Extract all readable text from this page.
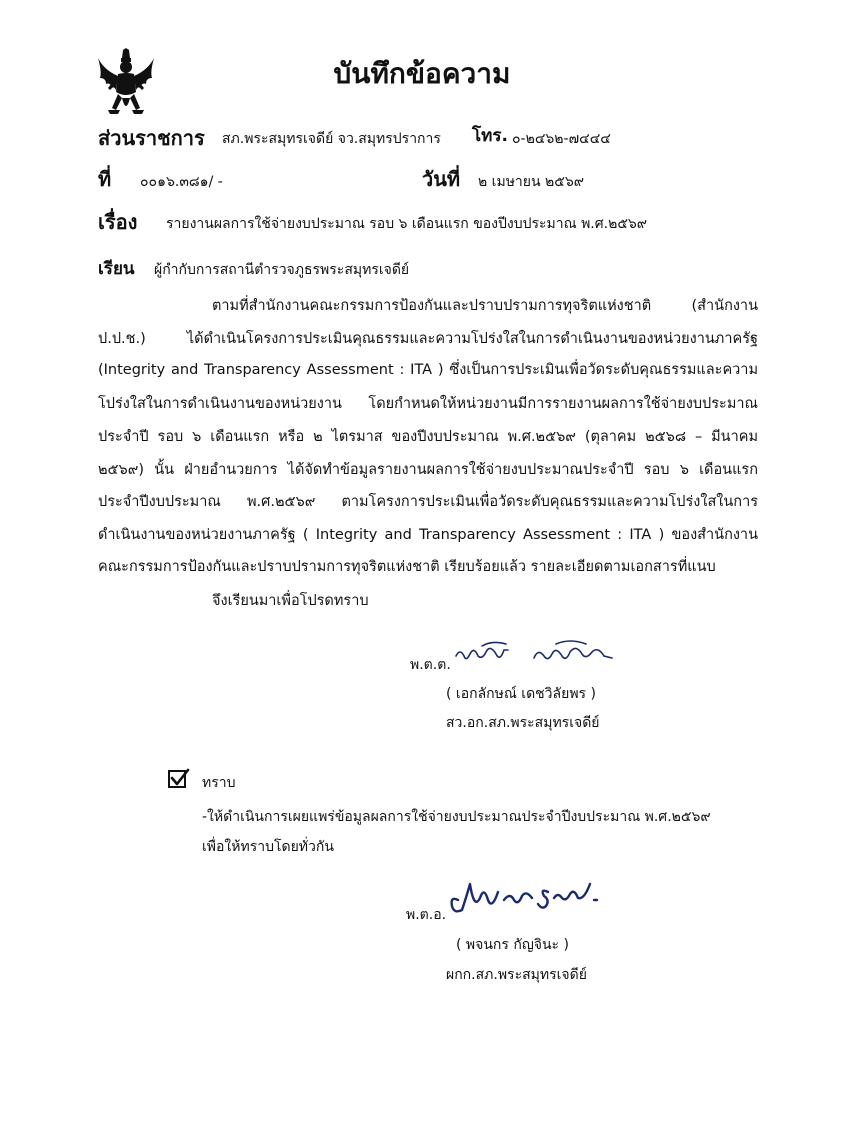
บันทึกข้อความ
ส่วนราชการ สภ.พระสมุทรเจดีย์ จว.สมุทรปราการ โทร. ๐-๒๔๖๒-๗๔๔๔
ที่ ๐๐๑๖.๓๘๑/ -	วันที่ ๒ เมษายน ๒๕๖๙
เรื่อง รายงานผลการใช้จ่ายงบประมาณ รอบ ๖ เดือนแรก ของปีงบประมาณ พ.ศ.๒๕๖๙
เรียน ผู้กำกับการสถานีตำรวจภูธรพระสมุทรเจดีย์
ตามที่สำนักงานคณะกรรมการป้องกันและปราบปรามการทุจริตแห่งชาติ (สำนักงาน
ป.ป.ช.) ได้ดำเนินโครงการประเมินคุณธรรมและความโปร่งใสในการดำเนินงานของหน่วยงานภาครัฐ
(Integrity and Transparency Assessment : ITA ) ซึ่งเป็นการประเมินเพื่อวัดระดับคุณธรรมและความ
โปร่งใสในการดำเนินงานของหน่วยงาน โดยกำหนดให้หน่วยงานมีการรายงานผลการใช้จ่ายงบประมาณ
ประจำปี รอบ ๖ เดือนแรก หรือ ๒ ไตรมาส ของปีงบประมาณ พ.ศ.๒๕๖๙ (ตุลาคม ๒๕๖๘ – มีนาคม
๒๕๖๙) นั้น ฝ่ายอำนวยการ ได้จัดทำข้อมูลรายงานผลการใช้จ่ายงบประมาณประจำปี รอบ ๖ เดือนแรก
ประจำปีงบประมาณ พ.ศ.๒๕๖๙ ตามโครงการประเมินเพื่อวัดระดับคุณธรรมและความโปร่งใสในการ
ดำเนินงานของหน่วยงานภาครัฐ ( Integrity and Transparency Assessment : ITA ) ของสำนักงาน
คณะกรรมการป้องกันและปราบปรามการทุจริตแห่งชาติ เรียบร้อยแล้ว รายละเอียดตามเอกสารที่แนบ
จึงเรียนมาเพื่อโปรดทราบ
พ.ต.ต.
( เอกลักษณ์ เดชวิลัยพร )
สว.อก.สภ.พระสมุทรเจดีย์
ทราบ
-ให้ดำเนินการเผยแพร่ข้อมูลผลการใช้จ่ายงบประมาณประจำปีงบประมาณ พ.ศ.๒๕๖๙
เพื่อให้ทราบโดยทั่วกัน
พ.ต.อ.
( พจนกร กัญจินะ )
ผกก.สภ.พระสมุทรเจดีย์
